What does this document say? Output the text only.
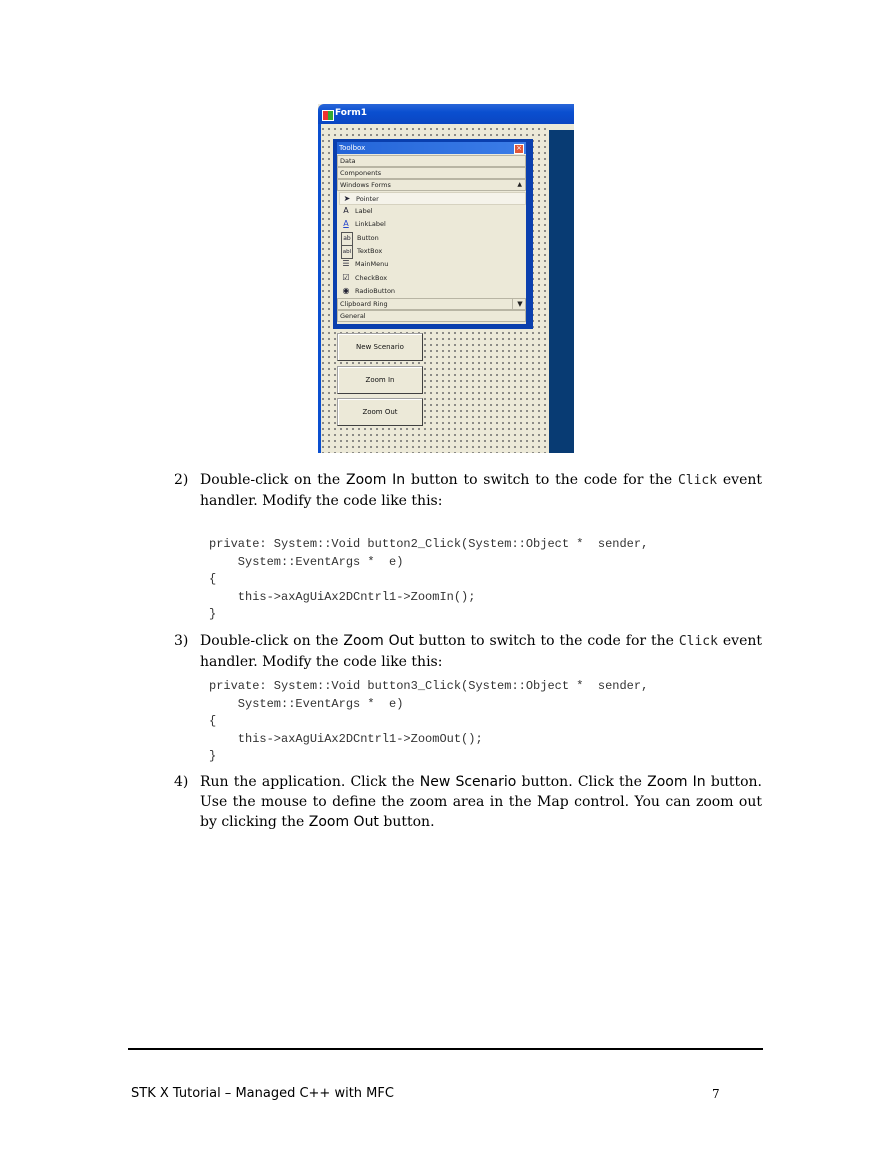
Form1
Toolbox	×
Data
Components
Windows Forms	▲
➤ Pointer
A Label
A LinkLabel
ab Button
abl TextBox
☰ MainMenu
☑ CheckBox
◉ RadioButton
Clipboard Ring	▼
General
New Scenario
Zoom In
Zoom Out
2) Double-click on the Zoom In button to switch to the code for the Click event handler. Modify the code like this:
private: System::Void button2_Click(System::Object *  sender,
System::EventArgs *  e)
{
this->axAgUiAx2DCntrl1->ZoomIn();
}
3) Double-click on the Zoom Out button to switch to the code for the Click event handler. Modify the code like this:
private: System::Void button3_Click(System::Object *  sender,
System::EventArgs *  e)
{
this->axAgUiAx2DCntrl1->ZoomOut();
}
4) Run the application. Click the New Scenario button. Click the Zoom In button. Use the mouse to define the zoom area in the Map control. You can zoom out by clicking the Zoom Out button.
STK X Tutorial – Managed C++ with MFC	7
